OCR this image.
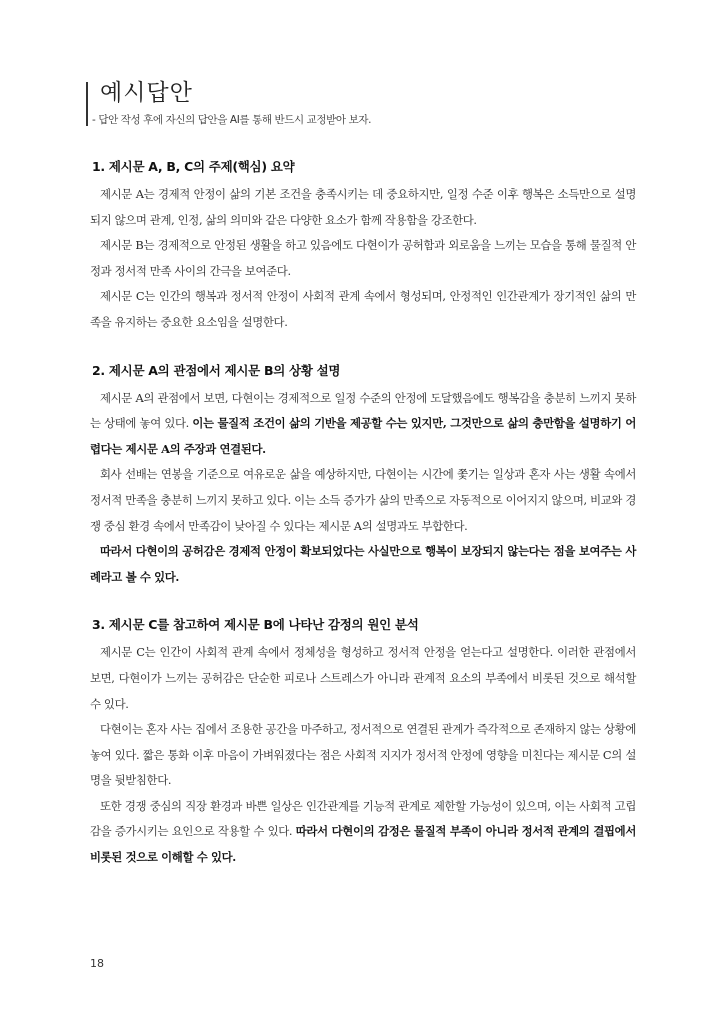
예시답안
- 답안 작성 후에 자신의 답안을 AI를 통해 반드시 교정받아 보자.
1. 제시문 A, B, C의 주제(핵심) 요약

제시문 A는 경제적 안정이 삶의 기본 조건을 충족시키는 데 중요하지만, 일정 수준 이후 행복은 소득만으로 설명되지 않으며 관계, 인정, 삶의 의미와 같은 다양한 요소가 함께 작용함을 강조한다.

제시문 B는 경제적으로 안정된 생활을 하고 있음에도 다현이가 공허함과 외로움을 느끼는 모습을 통해 물질적 안정과 정서적 만족 사이의 간극을 보여준다.

제시문 C는 인간의 행복과 정서적 안정이 사회적 관계 속에서 형성되며, 안정적인 인간관계가 장기적인 삶의 만족을 유지하는 중요한 요소임을 설명한다.

2. 제시문 A의 관점에서 제시문 B의 상황 설명

제시문 A의 관점에서 보면, 다현이는 경제적으로 일정 수준의 안정에 도달했음에도 행복감을 충분히 느끼지 못하는 상태에 놓여 있다. 이는 물질적 조건이 삶의 기반을 제공할 수는 있지만, 그것만으로 삶의 충만함을 설명하기 어렵다는 제시문 A의 주장과 연결된다.

회사 선배는 연봉을 기준으로 여유로운 삶을 예상하지만, 다현이는 시간에 쫓기는 일상과 혼자 사는 생활 속에서 정서적 만족을 충분히 느끼지 못하고 있다. 이는 소득 증가가 삶의 만족으로 자동적으로 이어지지 않으며, 비교와 경쟁 중심 환경 속에서 만족감이 낮아질 수 있다는 제시문 A의 설명과도 부합한다.

따라서 다현이의 공허감은 경제적 안정이 확보되었다는 사실만으로 행복이 보장되지 않는다는 점을 보여주는 사례라고 볼 수 있다.

3. 제시문 C를 참고하여 제시문 B에 나타난 감정의 원인 분석

제시문 C는 인간이 사회적 관계 속에서 정체성을 형성하고 정서적 안정을 얻는다고 설명한다. 이러한 관점에서 보면, 다현이가 느끼는 공허감은 단순한 피로나 스트레스가 아니라 관계적 요소의 부족에서 비롯된 것으로 해석할 수 있다.

다현이는 혼자 사는 집에서 조용한 공간을 마주하고, 정서적으로 연결된 관계가 즉각적으로 존재하지 않는 상황에 놓여 있다. 짧은 통화 이후 마음이 가벼워졌다는 점은 사회적 지지가 정서적 안정에 영향을 미친다는 제시문 C의 설명을 뒷받침한다.

또한 경쟁 중심의 직장 환경과 바쁜 일상은 인간관계를 기능적 관계로 제한할 가능성이 있으며, 이는 사회적 고립감을 증가시키는 요인으로 작용할 수 있다. 따라서 다현이의 감정은 물질적 부족이 아니라 정서적 관계의 결핍에서 비롯된 것으로 이해할 수 있다.

18
